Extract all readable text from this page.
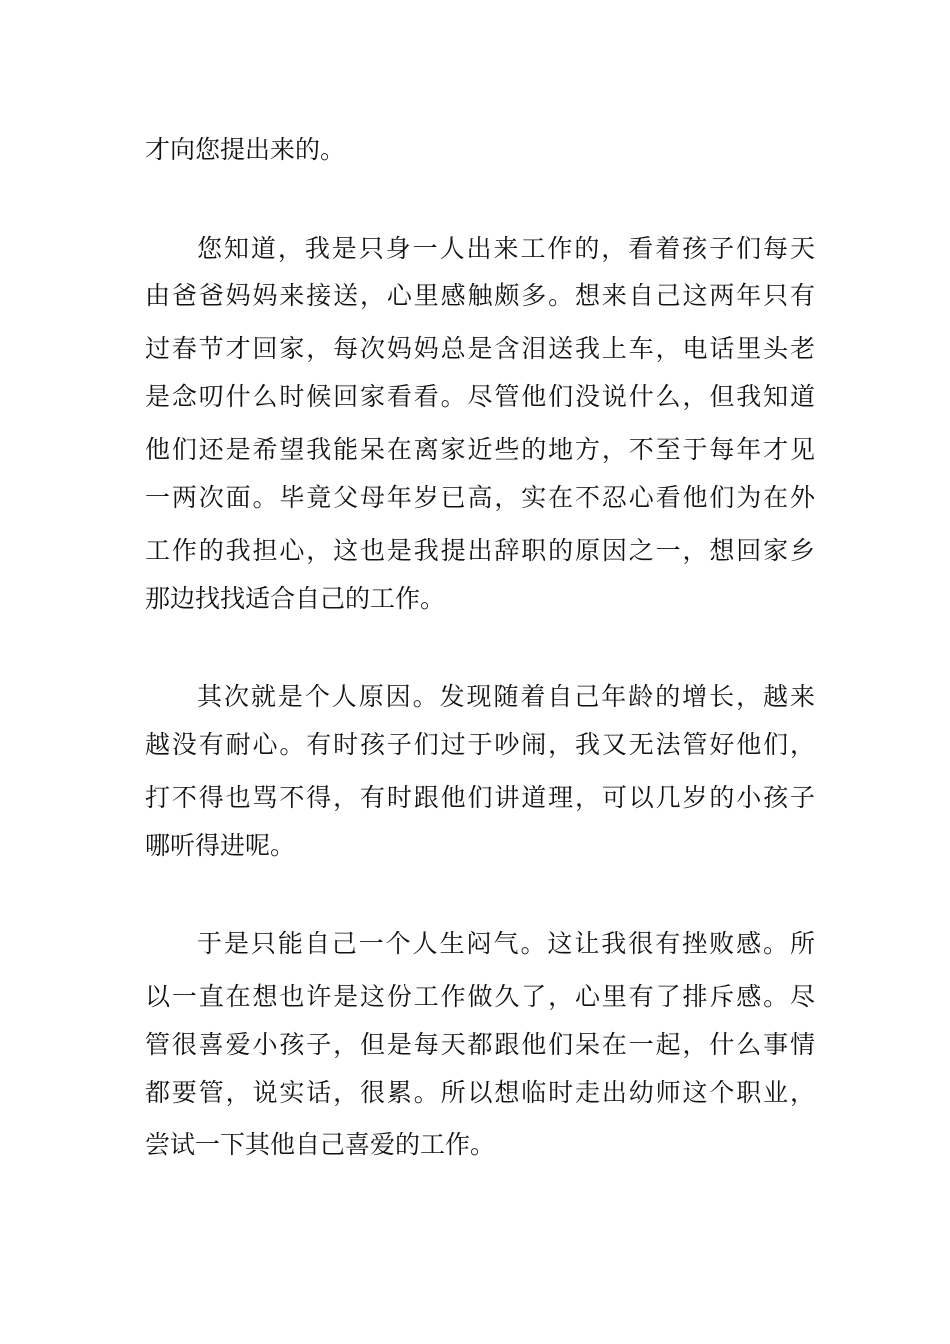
才向您提出来的。
您知道，我是只身一人出来工作的，看着孩子们每天
由爸爸妈妈来接送，心里感触颇多。想来自己这两年只有
过春节才回家，每次妈妈总是含泪送我上车，电话里头老
是念叨什么时候回家看看。尽管他们没说什么，但我知道
他们还是希望我能呆在离家近些的地方，不至于每年才见
一两次面。毕竟父母年岁已高，实在不忍心看他们为在外
工作的我担心，这也是我提出辞职的原因之一，想回家乡
那边找找适合自己的工作。
其次就是个人原因。发现随着自己年龄的增长，越来
越没有耐心。有时孩子们过于吵闹，我又无法管好他们，
打不得也骂不得，有时跟他们讲道理，可以几岁的小孩子
哪听得进呢。
于是只能自己一个人生闷气。这让我很有挫败感。所
以一直在想也许是这份工作做久了，心里有了排斥感。尽
管很喜爱小孩子，但是每天都跟他们呆在一起，什么事情
都要管，说实话，很累。所以想临时走出幼师这个职业，
尝试一下其他自己喜爱的工作。
